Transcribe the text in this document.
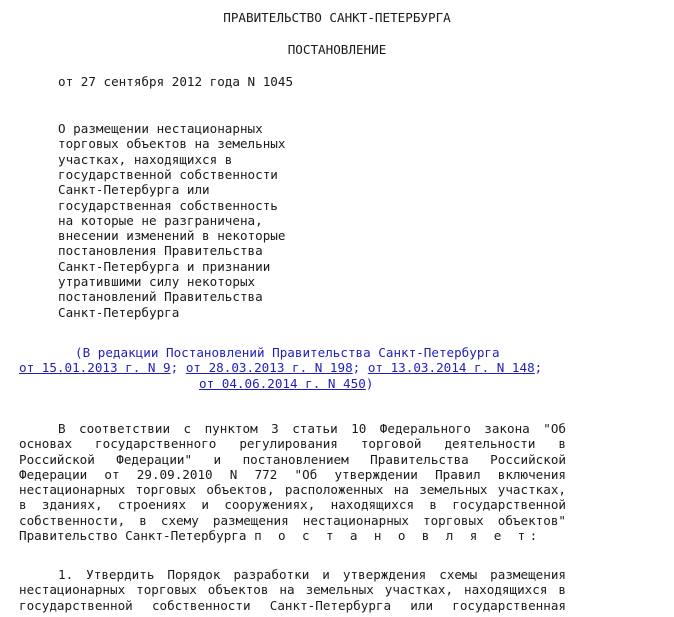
ПРАВИТЕЛЬСТВО САНКТ-ПЕТЕРБУРГА

ПОСТАНОВЛЕНИЕ

от 27 сентября 2012 года N 1045

О размещении нестационарных

торговых объектов на земельных

участках, находящихся в

государственной собственности

Санкт-Петербурга или

государственная собственность

на которые не разграничена,

внесении изменений в некоторые

постановления Правительства

Санкт-Петербурга и признании

утратившими силу некоторых

постановлений Правительства

Санкт-Петербурга

(В редакции Постановлений Правительства Санкт-Петербурга

от 15.01.2013 г. N 9; от 28.03.2013 г. N 198; от 13.03.2014 г. N 148;

от 04.06.2014 г. N 450)

В соответствии с пунктом 3 статьи 10 Федерального закона "Об
основах государственного регулирования торговой деятельности в
Российской Федерации" и постановлением Правительства Российской
Федерации от 29.09.2010 N 772 "Об утверждении Правил включения
нестационарных торговых объектов, расположенных на земельных участках,
в зданиях, строениях и сооружениях, находящихся в государственной
собственности, в схему размещения нестационарных торговых объектов"
Правительство Санкт-Петербурга п о с т а н о в л я е т:

1. Утвердить Порядок разработки и утверждения схемы размещения
нестационарных торговых объектов на земельных участках, находящихся в
государственной собственности Санкт-Петербурга или государственная
